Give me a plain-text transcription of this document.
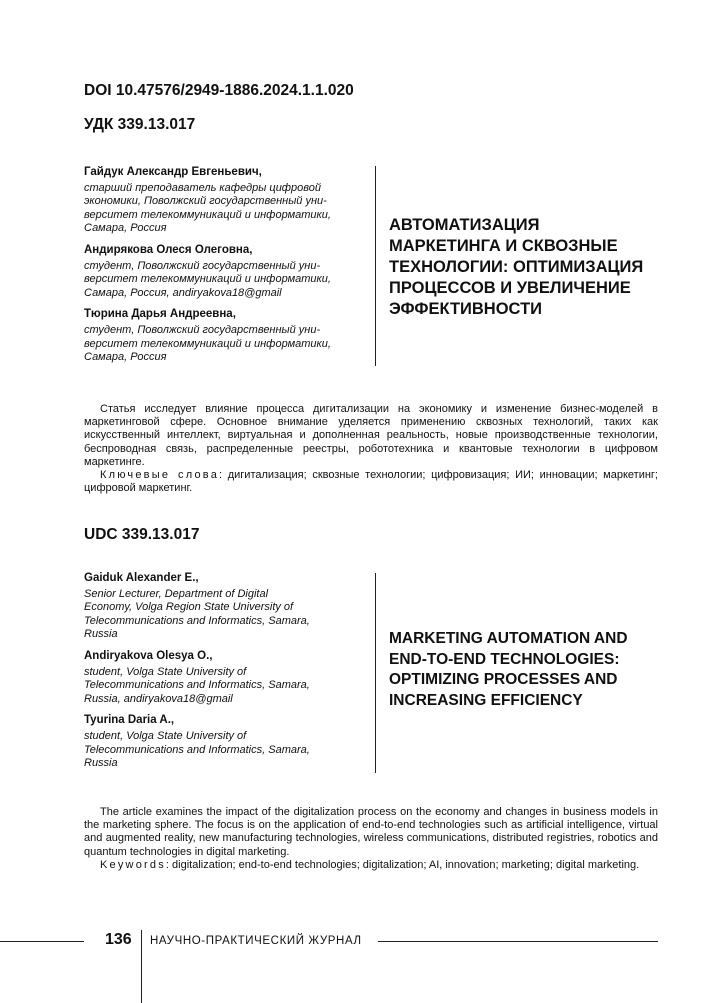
DOI 10.47576/2949-1886.2024.1.1.020
УДК 339.13.017
Гайдук Александр Евгеньевич,
старший преподаватель кафедры цифровой
экономики, Поволжский государственный уни-
верситет телекоммуникаций и информатики,
Самара, Россия
Андирякова Олеся Олеговна,
студент, Поволжский государственный уни-
верситет телекоммуникаций и информатики,
Самара, Россия, andiryakova18@gmail
Тюрина Дарья Андреевна,
студент, Поволжский государственный уни-
верситет телекоммуникаций и информатики,
Самара, Россия
АВТОМАТИЗАЦИЯ
МАРКЕТИНГА И СКВОЗНЫЕ
ТЕХНОЛОГИИ: ОПТИМИЗАЦИЯ
ПРОЦЕССОВ И УВЕЛИЧЕНИЕ
ЭФФЕКТИВНОСТИ

Статья исследует влияние процесса дигитализации на экономику и изменение бизнес-моделей в маркетинговой сфере. Основное внимание уделяется применению сквозных технологий, таких как искусственный интеллект, виртуальная и дополненная реальность, новые производственные технологии, беспроводная связь, распределенные реестры, робототехника и квантовые технологии в цифровом маркетинге.

Ключевые слова: дигитализация; сквозные технологии; цифровизация; ИИ; инновации; маркетинг; цифровой маркетинг.

UDC 339.13.017
Gaiduk Alexander E.,
Senior Lecturer, Department of Digital
Economy, Volga Region State University of
Telecommunications and Informatics, Samara,
Russia
Andiryakova Olesya O.,
student, Volga State University of
Telecommunications and Informatics, Samara,
Russia, andiryakova18@gmail
Tyurina Daria A.,
student, Volga State University of
Telecommunications and Informatics, Samara,
Russia
MARKETING AUTOMATION AND
END-TO-END TECHNOLOGIES:
OPTIMIZING PROCESSES AND
INCREASING EFFICIENCY

The article examines the impact of the digitalization process on the economy and changes in business models in the marketing sphere. The focus is on the application of end-to-end technologies such as artificial intelligence, virtual and augmented reality, new manufacturing technologies, wireless communications, distributed registries, robotics and quantum technologies in digital marketing.

Keywords: digitalization; end-to-end technologies; digitalization; AI, innovation; marketing; digital marketing.

136 НАУЧНО-ПРАКТИЧЕСКИЙ ЖУРНАЛ
